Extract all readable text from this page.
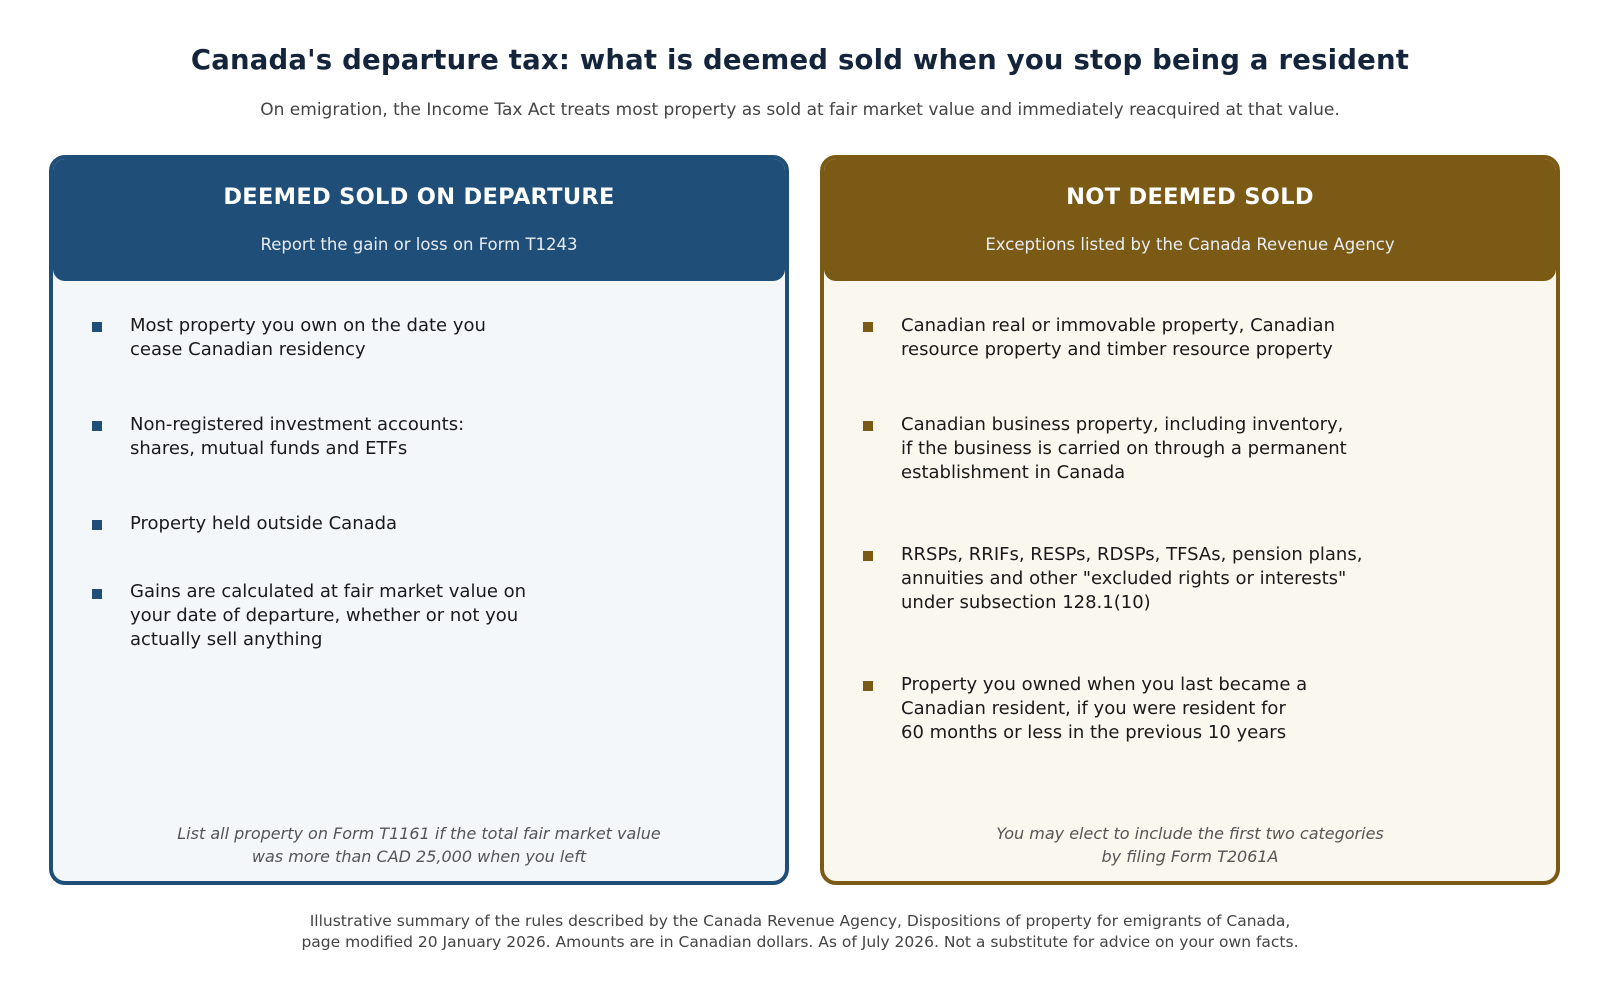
Canada's departure tax: what is deemed sold when you stop being a resident
On emigration, the Income Tax Act treats most property as sold at fair market value and immediately reacquired at that value.
DEEMED SOLD ON DEPARTURE
Report the gain or loss on Form T1243
Most property you own on the date you
cease Canadian residency
Non-registered investment accounts:
shares, mutual funds and ETFs
Property held outside Canada
Gains are calculated at fair market value on
your date of departure, whether or not you
actually sell anything
List all property on Form T1161 if the total fair market value
was more than CAD 25,000 when you left
NOT DEEMED SOLD
Exceptions listed by the Canada Revenue Agency
Canadian real or immovable property, Canadian
resource property and timber resource property
Canadian business property, including inventory,
if the business is carried on through a permanent
establishment in Canada
RRSPs, RRIFs, RESPs, RDSPs, TFSAs, pension plans,
annuities and other "excluded rights or interests"
under subsection 128.1(10)
Property you owned when you last became a
Canadian resident, if you were resident for
60 months or less in the previous 10 years
You may elect to include the first two categories
by filing Form T2061A
Illustrative summary of the rules described by the Canada Revenue Agency, Dispositions of property for emigrants of Canada,
page modified 20 January 2026. Amounts are in Canadian dollars. As of July 2026. Not a substitute for advice on your own facts.
